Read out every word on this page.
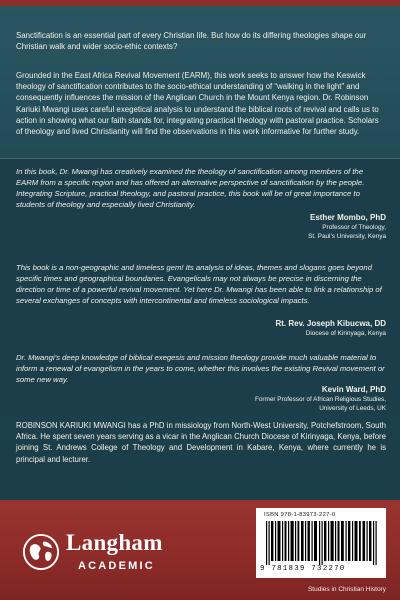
Sanctification is an essential part of every Christian life. But how do its differing theologies shape our Christian walk and wider socio-ethic contexts?

Grounded in the East Africa Revival Movement (EARM), this work seeks to answer how the Keswick theology of sanctification contributes to the socio-ethical understanding of “walking in the light” and consequently influences the mission of the Anglican Church in the Mount Kenya region. Dr. Robinson Kariuki Mwangi uses careful exegetical analysis to understand the biblical roots of revival and calls us to action in showing what our faith stands for, integrating practical theology with pastoral practice. Scholars of theology and lived Christianity will find the observations in this work informative for further study.

In this book, Dr. Mwangi has creatively examined the theology of sanctification among members of the EARM from a specific region and has offered an alternative perspective of sanctification by the people. Integrating Scripture, practical theology, and pastoral practice, this book will be of great importance to students of theology and especially lived Christianity.

Esther Mombo, PhD
Professor of Theology,
St. Paul’s University, Kenya

This book is a non-geographic and timeless gem! Its analysis of ideas, themes and slogans goes beyond specific times and geographical boundaries. Evangelicals may not always be precise in discerning the direction or time of a powerful revival movement. Yet here Dr. Mwangi has been able to link a relationship of several exchanges of concepts with intercontinental and timeless sociological impacts.

Rt. Rev. Joseph Kibucwa, DD
Diocese of Kirinyaga, Kenya

Dr. Mwangi’s deep knowledge of biblical exegesis and mission theology provide much valuable material to inform a renewal of evangelism in the years to come, whether this involves the existing Revival movement or some new way.

Kevin Ward, PhD
Former Professor of African Religious Studies,
University of Leeds, UK

ROBINSON KARIUKI MWANGI has a PhD in missiology from North-West University, Potchefstroom, South Africa. He spent seven years serving as a vicar in the Anglican Church Diocese of Kirinyaga, Kenya, before joining St. Andrews College of Theology and Development in Kabare, Kenya, where currently he is principal and lecturer.

Langham
ACADEMIC
ISBN 978-1-83973-227-0
9 781839 732270
Studies in Christian History
